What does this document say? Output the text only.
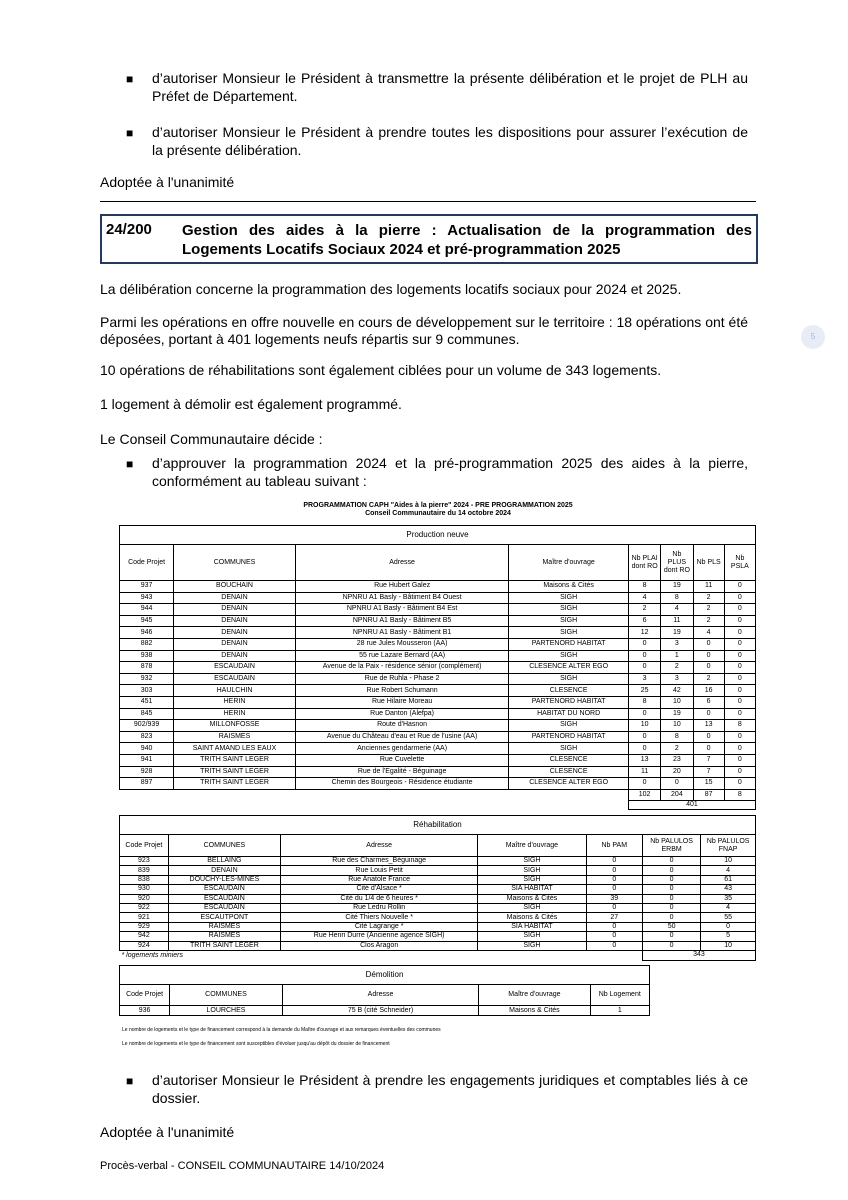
■ d’autoriser Monsieur le Président à transmettre la présente délibération et le projet de PLH au Préfet de Département.
■ d’autoriser Monsieur le Président à prendre toutes les dispositions pour assurer l’exécution de la présente délibération.
Adoptée à l'unanimité
24/200 Gestion des aides à la pierre : Actualisation de la programmation des Logements Locatifs Sociaux 2024 et pré-programmation 2025
5
La délibération concerne la programmation des logements locatifs sociaux pour 2024 et 2025.
Parmi les opérations en offre nouvelle en cours de développement sur le territoire : 18 opérations ont été déposées, portant à 401 logements neufs répartis sur 9 communes.
10 opérations de réhabilitations sont également ciblées pour un volume de 343 logements.
1 logement à démolir est également programmé.
Le Conseil Communautaire décide :
■ d’approuver la programmation 2024 et la pré-programmation 2025 des aides à la pierre, conformément au tableau suivant :
PROGRAMMATION CAPH "Aides à la pierre" 2024 - PRE PROGRAMMATION 2025
Conseil Communautaire du 14 octobre 2024
Production neuve							
Code Projet	COMMUNES	Adresse	Maître d'ouvrage	Nb PLAI dont RO	Nb PLUS dont RO	Nb PLS	Nb PSLA
937	BOUCHAIN	Rue Hubert Galez	Maisons & Cités	8	19	11	0
943	DENAIN	NPNRU A1 Basly - Bâtiment B4 Ouest	SIGH	4	8	2	0
944	DENAIN	NPNRU A1 Basly - Bâtiment B4 Est	SIGH	2	4	2	0
945	DENAIN	NPNRU A1 Basly - Bâtiment B5	SIGH	6	11	2	0
946	DENAIN	NPNRU A1 Basly - Bâtiment B1	SIGH	12	19	4	0
882	DENAIN	28 rue Jules Mousseron (AA)	PARTENORD HABITAT	0	3	0	0
938	DENAIN	55 rue Lazare Bernard (AA)	SIGH	0	1	0	0
878	ESCAUDAIN	Avenue de la Paix - résidence sénior (complément)	CLESENCE ALTER EGO	0	2	0	0
932	ESCAUDAIN	Rue de Ruhla - Phase 2	SIGH	3	3	2	0
303	HAULCHIN	Rue Robert Schumann	CLESENCE	25	42	16	0
451	HERIN	Rue Hilaire Moreau	PARTENORD HABITAT	8	10	6	0
845	HERIN	Rue Danton (Alefpa)	HABITAT DU NORD	0	19	0	0
902/939	MILLONFOSSE	Route d'Hasnon	SIGH	10	10	13	8
823	RAISMES	Avenue du Château d'eau et Rue de l'usine (AA)	PARTENORD HABITAT	0	8	0	0
940	SAINT AMAND LES EAUX	Anciennes gendarmerie (AA)	SIGH	0	2	0	0
941	TRITH SAINT LEGER	Rue Cuvelette	CLESENCE	13	23	7	0
928	TRITH SAINT LEGER	Rue de l'Egalité - Béguinage	CLESENCE	11	20	7	0
897	TRITH SAINT LEGER	Chemin des Bourgeois - Résidence étudiante	CLESENCE ALTER EGO	0	0	15	0
				102	204	87	8
				401			
Réhabilitation						
Code Projet	COMMUNES	Adresse	Maître d'ouvrage	Nb PAM	Nb PALULOS ERBM	Nb PALULOS FNAP
923	BELLAING	Rue des Charmes_Béguinage	SIGH	0	0	10
839	DENAIN	Rue Louis Petit	SIGH	0	0	4
838	DOUCHY-LES-MINES	Rue Anatole France	SIGH	0	0	61
930	ESCAUDAIN	Cité d'Alsace *	SIA HABITAT	0	0	43
920	ESCAUDAIN	Cité du 1/4 de 6 heures *	Maisons & Cités	39	0	35
922	ESCAUDAIN	Rue Ledru Rollin	SIGH	0	0	4
921	ESCAUTPONT	Cité Thiers Nouvelle *	Maisons & Cités	27	0	55
929	RAISMES	Cité Lagrange *	SIA HABITAT	0	50	0
942	RAISMES	Rue Henri Durre (Ancienne agence SIGH)	SIGH	0	0	5
924	TRITH SAINT LEGER	Clos Aragon	SIGH	0	0	10
* logements miniers					343	
Démolition				
Code Projet	COMMUNES	Adresse	Maître d'ouvrage	Nb Logement
936	LOURCHES	75 B (cité Schneider)	Maisons & Cités	1
Le nombre de logements et le type de financement correspond à la demande du Maître d'ouvrage et aux remarques éventuelles des communes
Le nombre de logements et le type de financement sont susceptibles d'évoluer jusqu'au dépôt du dossier de financement
■ d’autoriser Monsieur le Président à prendre les engagements juridiques et comptables liés à ce dossier.
Adoptée à l'unanimité
Procès-verbal - CONSEIL COMMUNAUTAIRE 14/10/2024
